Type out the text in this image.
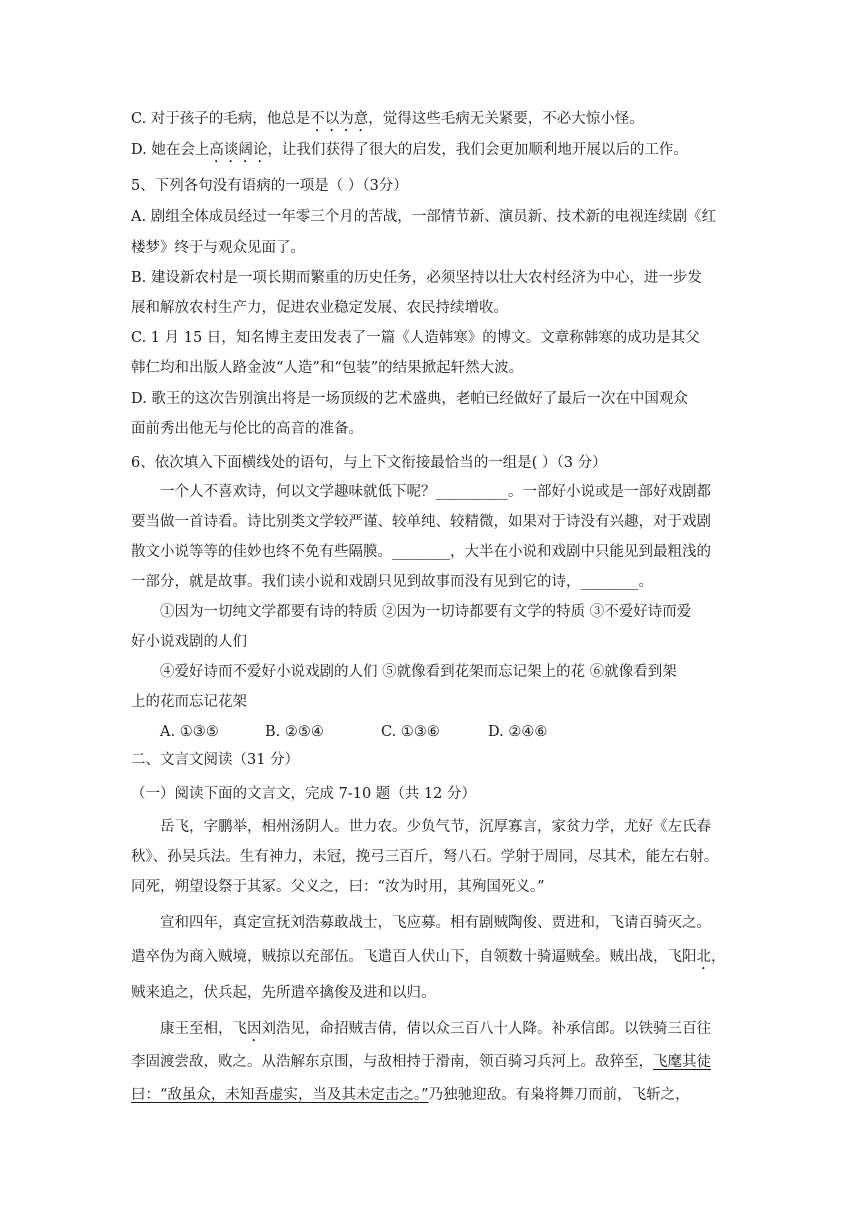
C. 对于孩子的毛病，他总是不以为意，觉得这些毛病无关紧要，不必大惊小怪。
D. 她在会上高谈阔论，让我们获得了很大的启发，我们会更加顺利地开展以后的工作。
5、下列各句没有语病的一项是（ ）（3分）
A. 剧组全体成员经过一年零三个月的苦战，一部情节新、演员新、技术新的电视连续剧《红
楼梦》终于与观众见面了。
B. 建设新农村是一项长期而繁重的历史任务，必须坚持以壮大农村经济为中心，进一步发
展和解放农村生产力，促进农业稳定发展、农民持续增收。
C. 1 月 15 日，知名博主麦田发表了一篇《人造韩寒》的博文。文章称韩寒的成功是其父
韩仁均和出版人路金波“人造”和“包装”的结果掀起轩然大波。
D. 歌王的这次告别演出将是一场顶级的艺术盛典，老帕已经做好了最后一次在中国观众
面前秀出他无与伦比的高音的准备。
6、依次填入下面横线处的语句，与上下文衔接最恰当的一组是( ）（3 分）
一个人不喜欢诗，何以文学趣味就低下呢？__________。一部好小说或是一部好戏剧都
要当做一首诗看。诗比别类文学较严谨、较单纯、较精微，如果对于诗没有兴趣，对于戏剧
散文小说等等的佳妙也终不免有些隔膜。________，大半在小说和戏剧中只能见到最粗浅的
一部分，就是故事。我们读小说和戏剧只见到故事而没有见到它的诗，________。
①因为一切纯文学都要有诗的特质 ②因为一切诗都要有文学的特质 ③不爱好诗而爱
好小说戏剧的人们
④爱好诗而不爱好小说戏剧的人们 ⑤就像看到花架而忘记架上的花 ⑥就像看到架
上的花而忘记花架
A. ①③⑤	B. ②⑤④	C. ①③⑥	D. ②④⑥
二、文言文阅读（31 分）
（一）阅读下面的文言文，完成 7-10 题（共 12 分）
岳飞，字鹏举，相州汤阴人。世力农。少负气节，沉厚寡言，家贫力学，尤好《左氏春
秋》、孙吴兵法。生有神力，未冠，挽弓三百斤，弩八石。学射于周同，尽其术，能左右射。
同死，朔望设祭于其冢。父义之，曰：“汝为时用，其殉国死义。”
宣和四年，真定宣抚刘浩募敢战士，飞应募。相有剧贼陶俊、贾进和，飞请百骑灭之。
遣卒伪为商入贼境，贼掠以充部伍。飞遣百人伏山下，自领数十骑逼贼垒。贼出战，飞阳北，
贼来追之，伏兵起，先所遣卒擒俊及进和以归。
康王至相，飞因刘浩见，命招贼吉倩，倩以众三百八十人降。补承信郎。以铁骑三百往
李固渡尝敌，败之。从浩解东京围，与敌相持于滑南，领百骑习兵河上。敌猝至，飞麾其徒
曰：“敌虽众，未知吾虚实，当及其未定击之。”乃独驰迎敌。有枭将舞刀而前，飞斩之，
